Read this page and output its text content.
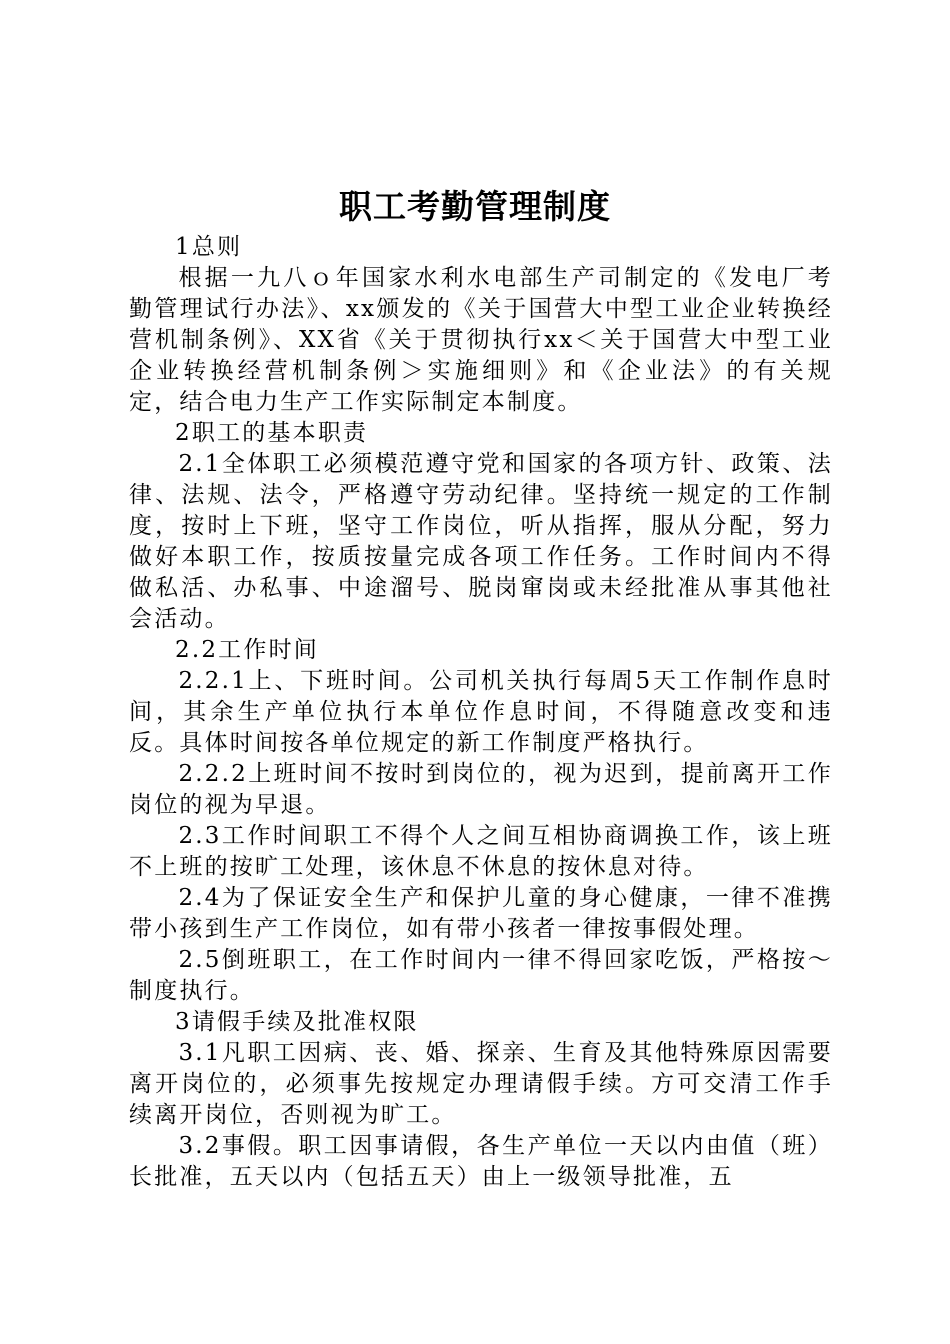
职工考勤管理制度

1总则

根据一九八ｏ年国家水利水电部生产司制定的《发电厂考勤管理试行办法》、xx颁发的《关于国营大中型工业企业转换经营机制条例》、XX省《关于贯彻执行xx＜关于国营大中型工业企业转换经营机制条例＞实施细则》和《企业法》的有关规定，结合电力生产工作实际制定本制度。

2职工的基本职责

2.1全体职工必须模范遵守党和国家的各项方针、政策、法律、法规、法令，严格遵守劳动纪律。坚持统一规定的工作制度，按时上下班，坚守工作岗位，听从指挥，服从分配，努力做好本职工作，按质按量完成各项工作任务。工作时间内不得做私活、办私事、中途溜号、脱岗窜岗或未经批准从事其他社会活动。

2.2工作时间

2.2.1上、下班时间。公司机关执行每周5天工作制作息时间，其余生产单位执行本单位作息时间，不得随意改变和违反。具体时间按各单位规定的新工作制度严格执行。

2.2.2上班时间不按时到岗位的，视为迟到，提前离开工作岗位的视为早退。

2.3工作时间职工不得个人之间互相协商调换工作，该上班不上班的按旷工处理，该休息不休息的按休息对待。

2.4为了保证安全生产和保护儿童的身心健康，一律不准携带小孩到生产工作岗位，如有带小孩者一律按事假处理。

2.5倒班职工，在工作时间内一律不得回家吃饭，严格按～制度执行。

3请假手续及批准权限

3.1凡职工因病、丧、婚、探亲、生育及其他特殊原因需要离开岗位的，必须事先按规定办理请假手续。方可交清工作手续离开岗位，否则视为旷工。

3.2事假。职工因事请假，各生产单位一天以内由值（班）长批准，五天以内（包括五天）由上一级领导批准，五
